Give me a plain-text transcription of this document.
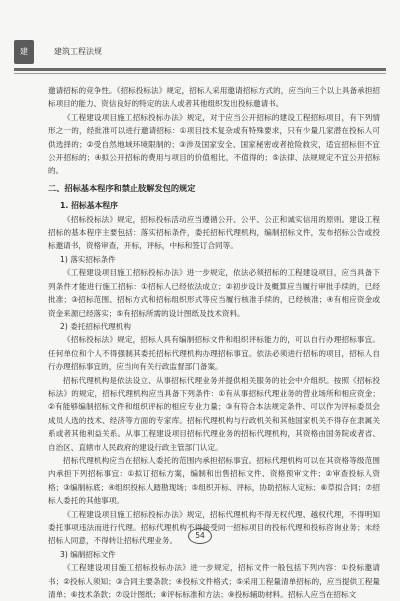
建	建筑工程法规

邀请招标的竞争性。《招标投标法》规定，招标人采用邀请招标方式的，应当向三个以上具备承担招标项目的能力、资信良好的特定的法人或者其他组织发出投标邀请书。

《工程建设项目施工招标投标办法》规定，对于应当公开招标的建设工程招标项目，有下列情形之一的，经批准可以进行邀请招标：①项目技术复杂或有特殊要求，只有少量几家潜在投标人可供选择的；②受自然地域环境限制的；③涉及国家安全、国家秘密或者抢险救灾，适宜招标但不宜公开招标的；④拟公开招标的费用与项目的价值相比，不值得的；⑤法律、法规规定不宜公开招标的。

二、招标基本程序和禁止肢解发包的规定

1. 招标基本程序

《招标投标法》规定，招标投标活动应当遵循公开、公平、公正和诚实信用的原则。建设工程招标的基本程序主要包括：落实招标条件，委托招标代理机构，编制招标文件，发布招标公告或投标邀请书，资格审查，开标，评标，中标和签订合同等。

1) 落实招标条件

《工程建设项目施工招标投标办法》进一步规定，依法必须招标的工程建设项目，应当具备下列条件才能进行施工招标：①招标人已经依法成立；②初步设计及概算应当履行审批手续的，已经批准；③招标范围、招标方式和招标组织形式等应当履行核准手续的，已经核准；④有相应资金或资金来源已经落实；⑤有招标所需的设计图纸及技术资料。

2) 委托招标代理机构

《招标投标法》规定，招标人具有编制招标文件和组织评标能力的，可以自行办理招标事宜。任何单位和个人不得强制其委托招标代理机构办理招标事宜。依法必须进行招标的项目，招标人自行办理招标事宜的，应当向有关行政监督部门备案。

招标代理机构是依法设立、从事招标代理业务并提供相关服务的社会中介组织。按照《招标投标法》的规定，招标代理机构应当具备下列条件：①有从事招标代理业务的营业场所和相应资金；②有能够编制招标文件和组织评标的相应专业力量；③有符合本法规定条件、可以作为评标委员会成员人选的技术、经济等方面的专家库。招标代理机构与行政机关和其他国家机关不得存在隶属关系或者其他利益关系。从事工程建设项目招标代理业务的招标代理机构，其资格由国务院或者省、自治区、直辖市人民政府的建设行政主管部门认定。

招标代理机构应当在招标人委托的范围内承担招标事宜。招标代理机构可以在其资格等级范围内承担下列招标事宜：①拟订招标方案，编制和出售招标文件、资格预审文件；②审查投标人资格；③编制标底；④组织投标人踏勘现场；⑤组织开标、评标，协助招标人定标；⑥草拟合同；⑦招标人委托的其他事项。

《工程建设项目施工招标投标办法》规定，招标代理机构不得无权代理、越权代理，不得明知委托事项违法而进行代理。招标代理机构不得接受同一招标项目的投标代理和投标咨询业务；未经招标人同意，不得转让招标代理业务。

3) 编制招标文件

《工程建设项目施工招标投标办法》进一步规定，招标文件一般包括下列内容：①投标邀请书；②投标人须知；③合同主要条款；④投标文件格式；⑤采用工程量清单招标的，应当提供工程量清单；⑥技术条款；⑦设计图纸；⑧评标标准和方法；⑨投标辅助材料。招标人应当在招标文

54
